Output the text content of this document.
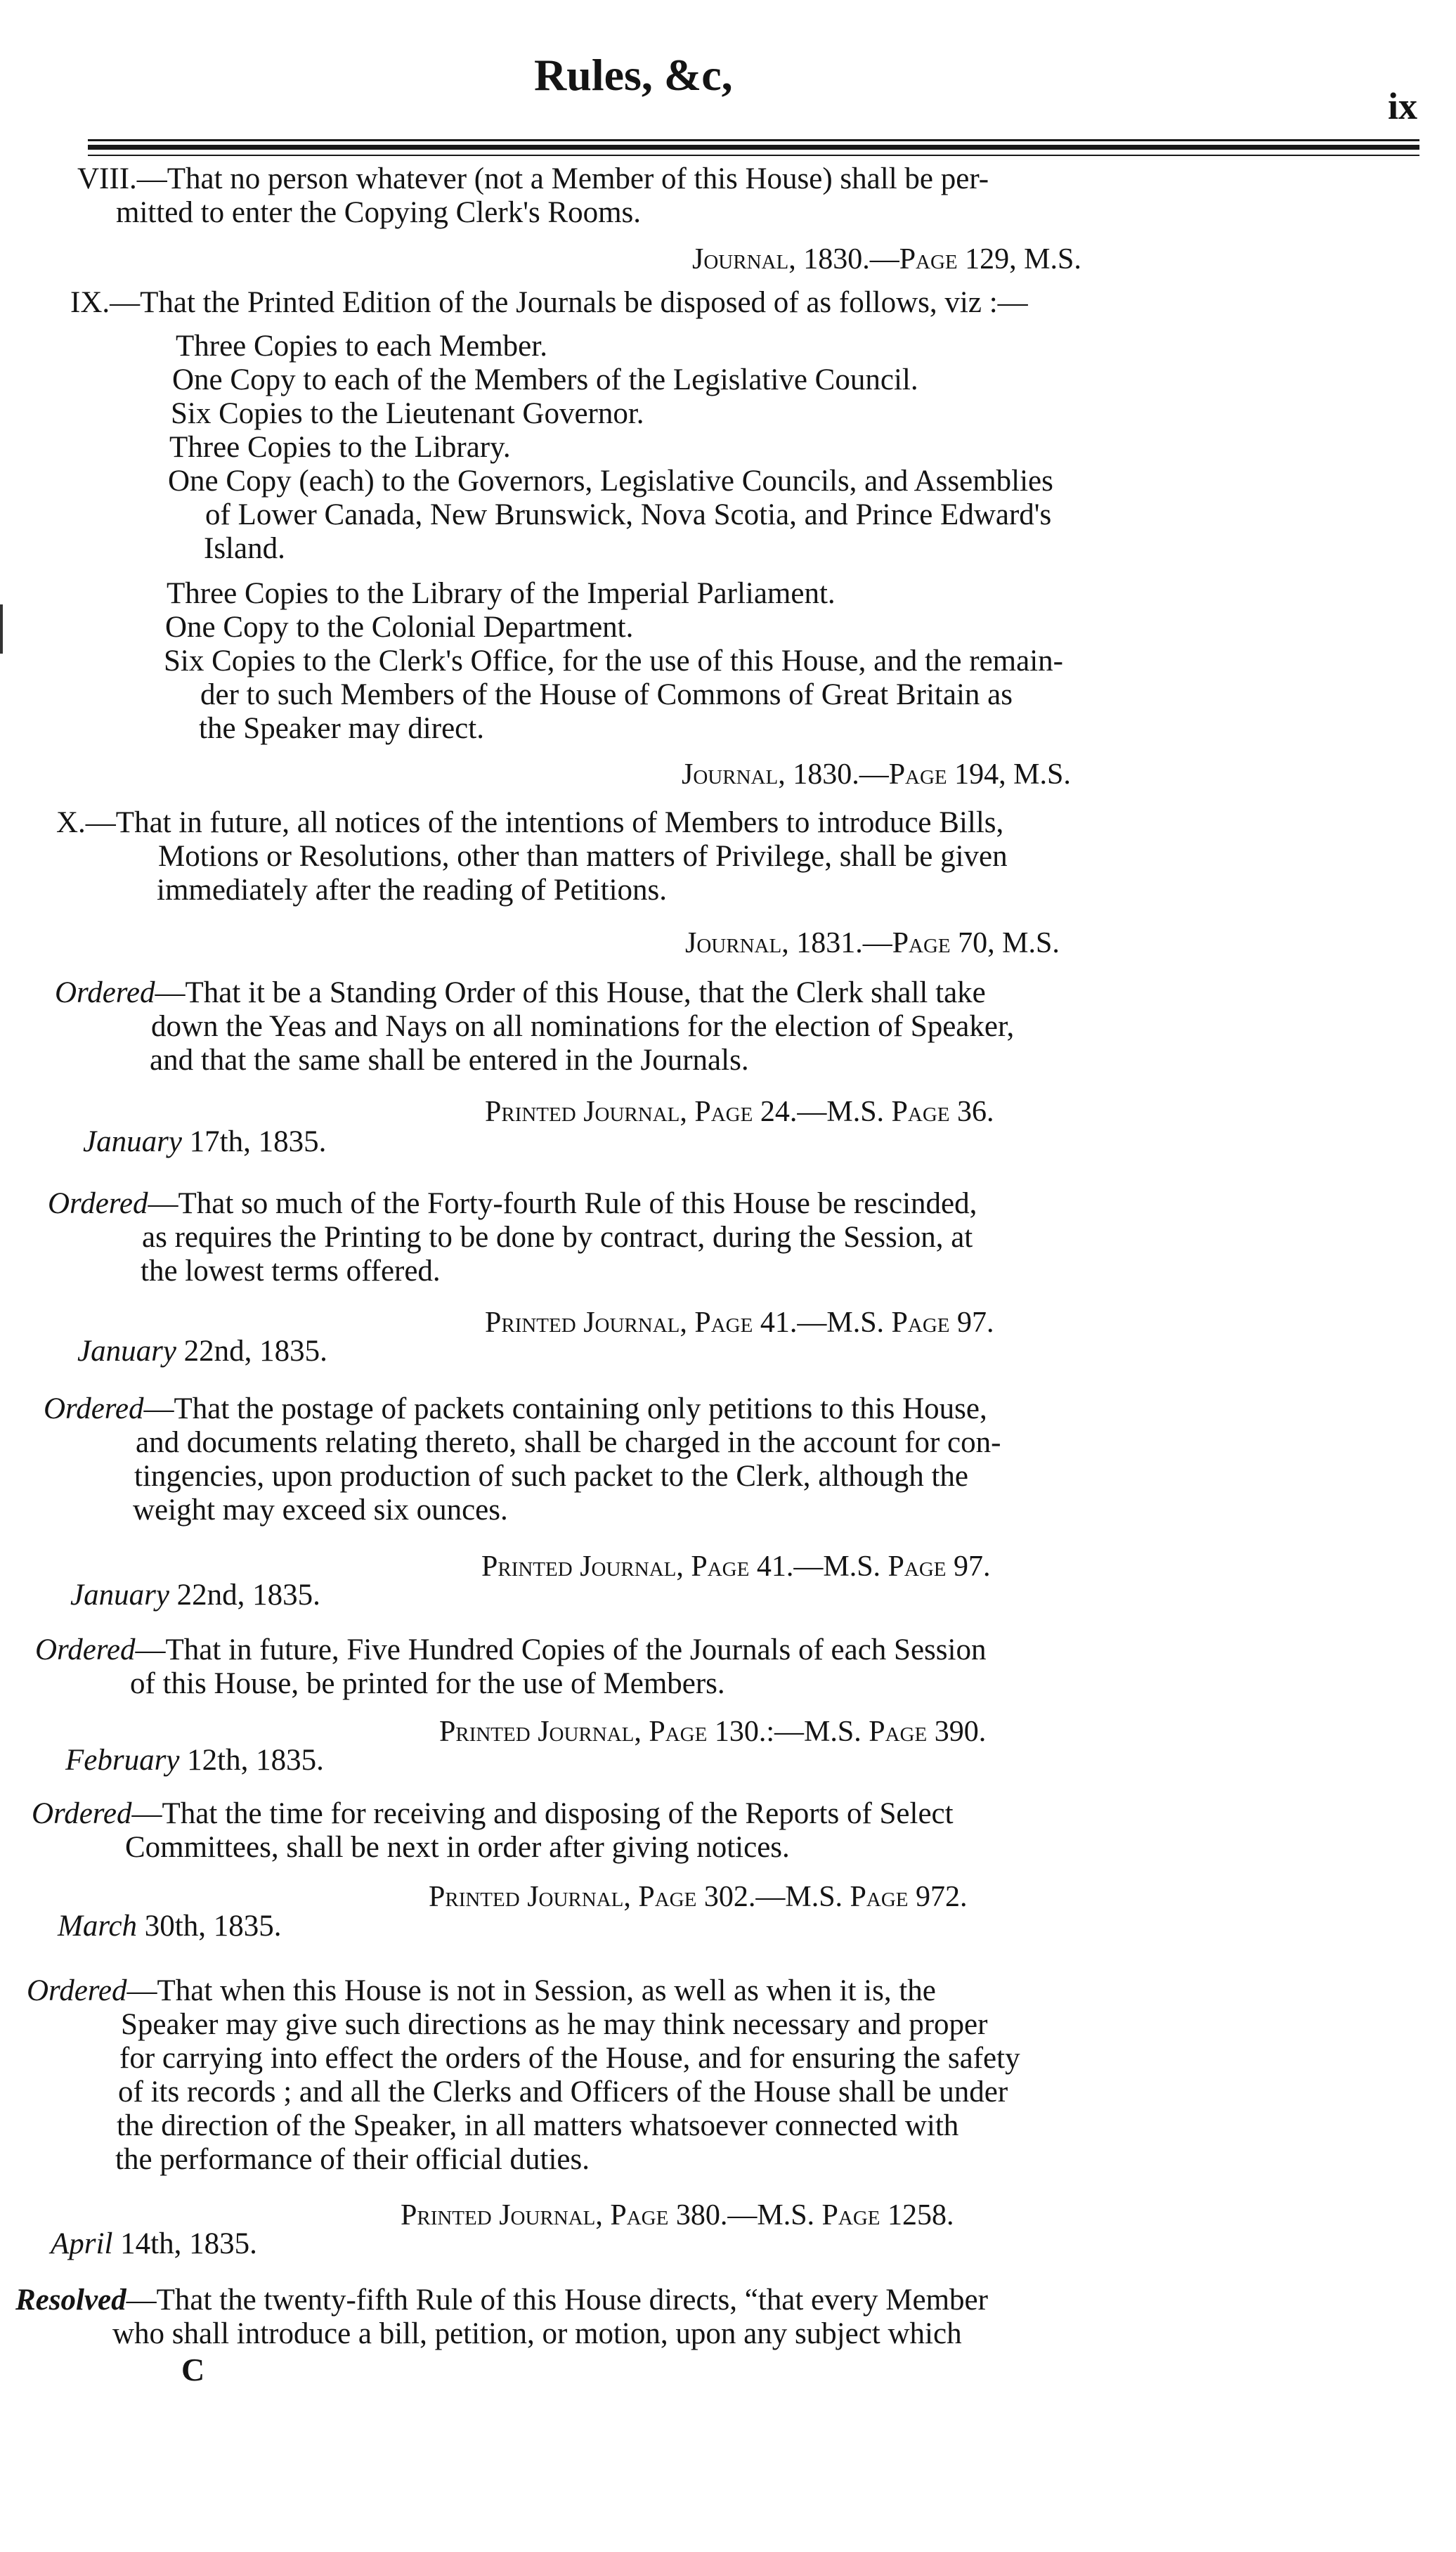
Rules, &c,
ix
VIII.—That no person whatever (not a Member of this House) shall be per-
mitted to enter the Copying Clerk's Rooms.
Journal, 1830.—Page 129, M.S.
IX.—That the Printed Edition of the Journals be disposed of as follows, viz :—
Three Copies to each Member.
One Copy to each of the Members of the Legislative Council.
Six Copies to the Lieutenant Governor.
Three Copies to the Library.
One Copy (each) to the Governors, Legislative Councils, and Assemblies
of Lower Canada, New Brunswick, Nova Scotia, and Prince Edward's
Island.
Three Copies to the Library of the Imperial Parliament.
One Copy to the Colonial Department.
Six Copies to the Clerk's Office, for the use of this House, and the remain-
der to such Members of the House of Commons of Great Britain as
the Speaker may direct.
Journal, 1830.—Page 194, M.S.
X.—That in future, all notices of the intentions of Members to introduce Bills,
Motions or Resolutions, other than matters of Privilege, shall be given
immediately after the reading of Petitions.
Journal, 1831.—Page 70, M.S.
Ordered—That it be a Standing Order of this House, that the Clerk shall take
down the Yeas and Nays on all nominations for the election of Speaker,
and that the same shall be entered in the Journals.
Printed Journal, Page 24.—M.S. Page 36.
January 17th, 1835.
Ordered—That so much of the Forty-fourth Rule of this House be rescinded,
as requires the Printing to be done by contract, during the Session, at
the lowest terms offered.
Printed Journal, Page 41.—M.S. Page 97.
January 22nd, 1835.
Ordered—That the postage of packets containing only petitions to this House,
and documents relating thereto, shall be charged in the account for con-
tingencies, upon production of such packet to the Clerk, although the
weight may exceed six ounces.
Printed Journal, Page 41.—M.S. Page 97.
January 22nd, 1835.
Ordered—That in future, Five Hundred Copies of the Journals of each Session
of this House, be printed for the use of Members.
Printed Journal, Page 130.:—M.S. Page 390.
February 12th, 1835.
Ordered—That the time for receiving and disposing of the Reports of Select
Committees, shall be next in order after giving notices.
Printed Journal, Page 302.—M.S. Page 972.
March 30th, 1835.
Ordered—That when this House is not in Session, as well as when it is, the
Speaker may give such directions as he may think necessary and proper
for carrying into effect the orders of the House, and for ensuring the safety
of its records ; and all the Clerks and Officers of the House shall be under
the direction of the Speaker, in all matters whatsoever connected with
the performance of their official duties.
Printed Journal, Page 380.—M.S. Page 1258.
April 14th, 1835.
Resolved—That the twenty-fifth Rule of this House directs, “that every Member
who shall introduce a bill, petition, or motion, upon any subject which
C
